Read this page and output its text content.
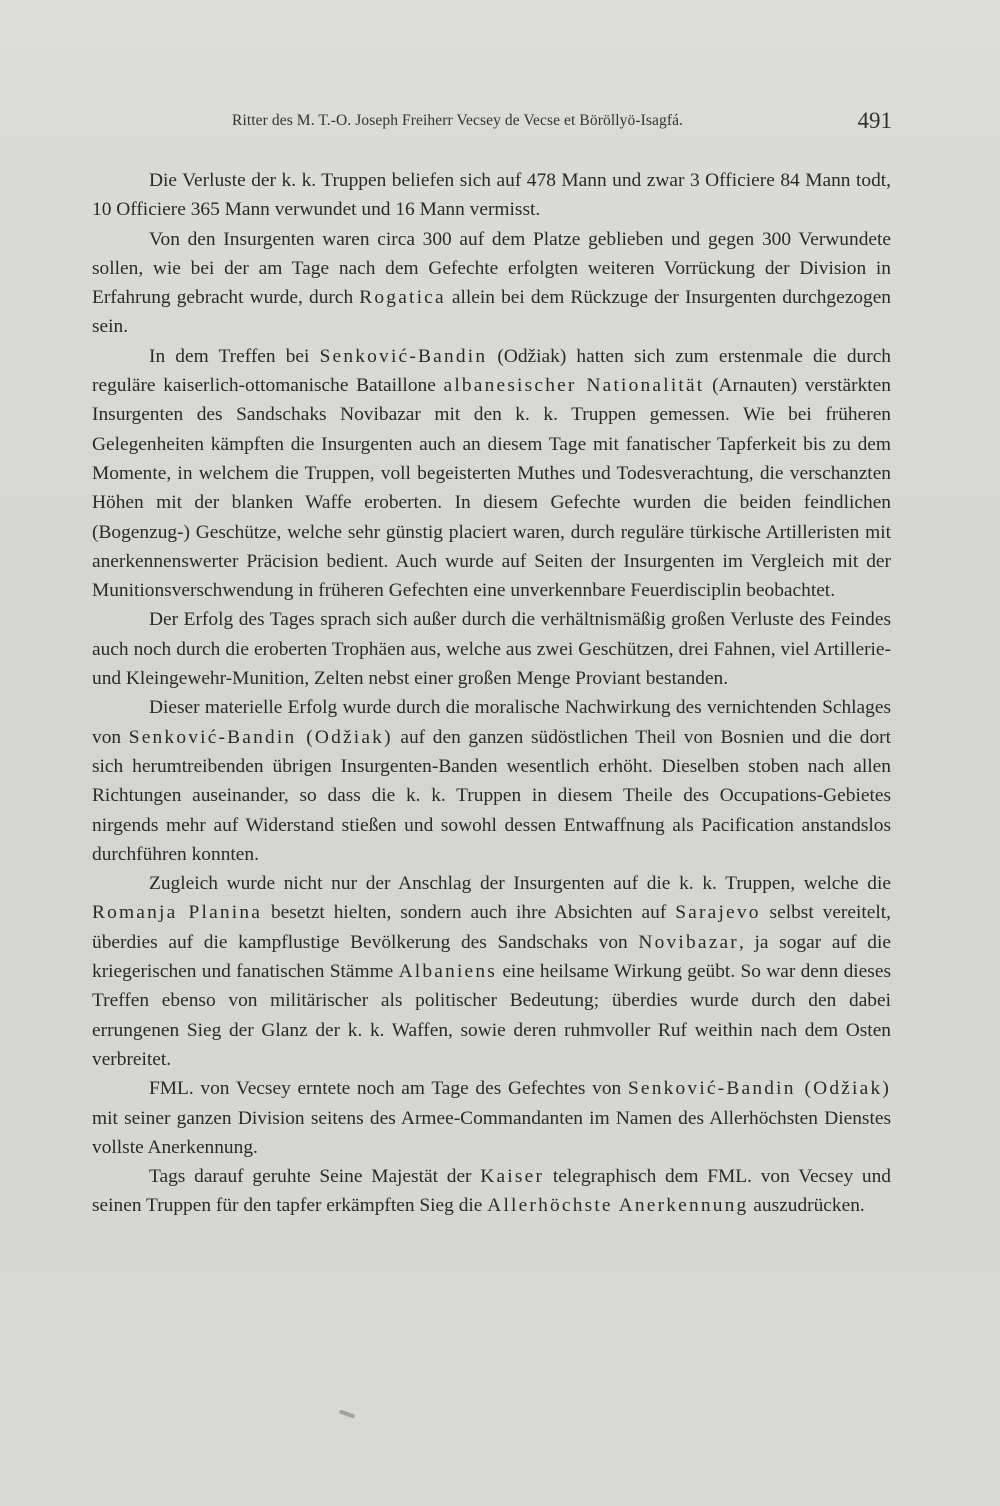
Ritter des M. T.-O. Joseph Freiherr Vecsey de Vecse et Böröllyö-Isagfá.	491

Die Verluste der k. k. Truppen beliefen sich auf 478 Mann und zwar 3 Officiere 84 Mann todt, 10 Officiere 365 Mann verwundet und 16 Mann vermisst.

Von den Insurgenten waren circa 300 auf dem Platze geblieben und gegen 300 Verwundete sollen, wie bei der am Tage nach dem Gefechte erfolgten weiteren Vorrückung der Division in Erfahrung gebracht wurde, durch Rogatica allein bei dem Rückzuge der Insurgenten durchgezogen sein.

In dem Treffen bei Senković-Bandin (Odžiak) hatten sich zum erstenmale die durch reguläre kaiserlich-ottomanische Bataillone albanesischer Nationalität (Arnauten) verstärkten Insurgenten des Sandschaks Novibazar mit den k. k. Truppen gemessen. Wie bei früheren Gelegenheiten kämpften die Insurgenten auch an diesem Tage mit fanatischer Tapferkeit bis zu dem Momente, in welchem die Truppen, voll begeisterten Muthes und Todesverachtung, die verschanzten Höhen mit der blanken Waffe eroberten. In diesem Gefechte wurden die beiden feindlichen (Bogenzug-) Geschütze, welche sehr günstig placiert waren, durch reguläre türkische Artilleristen mit anerkennenswerter Präcision bedient. Auch wurde auf Seiten der Insurgenten im Vergleich mit der Munitionsverschwendung in früheren Gefechten eine unverkennbare Feuerdisciplin beobachtet.

Der Erfolg des Tages sprach sich außer durch die verhältnismäßig großen Verluste des Feindes auch noch durch die eroberten Trophäen aus, welche aus zwei Geschützen, drei Fahnen, viel Artillerie- und Kleingewehr-Munition, Zelten nebst einer großen Menge Proviant bestanden.

Dieser materielle Erfolg wurde durch die moralische Nachwirkung des vernichtenden Schlages von Senković-Bandin (Odžiak) auf den ganzen südöstlichen Theil von Bosnien und die dort sich herumtreibenden übrigen Insurgenten-Banden wesentlich erhöht. Dieselben stoben nach allen Richtungen auseinander, so dass die k. k. Truppen in diesem Theile des Occupations-Gebietes nirgends mehr auf Widerstand stießen und sowohl dessen Entwaffnung als Pacification anstandslos durchführen konnten.

Zugleich wurde nicht nur der Anschlag der Insurgenten auf die k. k. Truppen, welche die Romanja Planina besetzt hielten, sondern auch ihre Absichten auf Sarajevo selbst vereitelt, überdies auf die kampflustige Bevölkerung des Sandschaks von Novibazar, ja sogar auf die kriegerischen und fanatischen Stämme Albaniens eine heilsame Wirkung geübt. So war denn dieses Treffen ebenso von militärischer als politischer Bedeutung; überdies wurde durch den dabei errungenen Sieg der Glanz der k. k. Waffen, sowie deren ruhmvoller Ruf weithin nach dem Osten verbreitet.

FML. von Vecsey erntete noch am Tage des Gefechtes von Senković-Bandin (Odžiak) mit seiner ganzen Division seitens des Armee-Commandanten im Namen des Allerhöchsten Dienstes vollste Anerkennung.

Tags darauf geruhte Seine Majestät der Kaiser telegraphisch dem FML. von Vecsey und seinen Truppen für den tapfer erkämpften Sieg die Allerhöchste Anerkennung auszudrücken.
